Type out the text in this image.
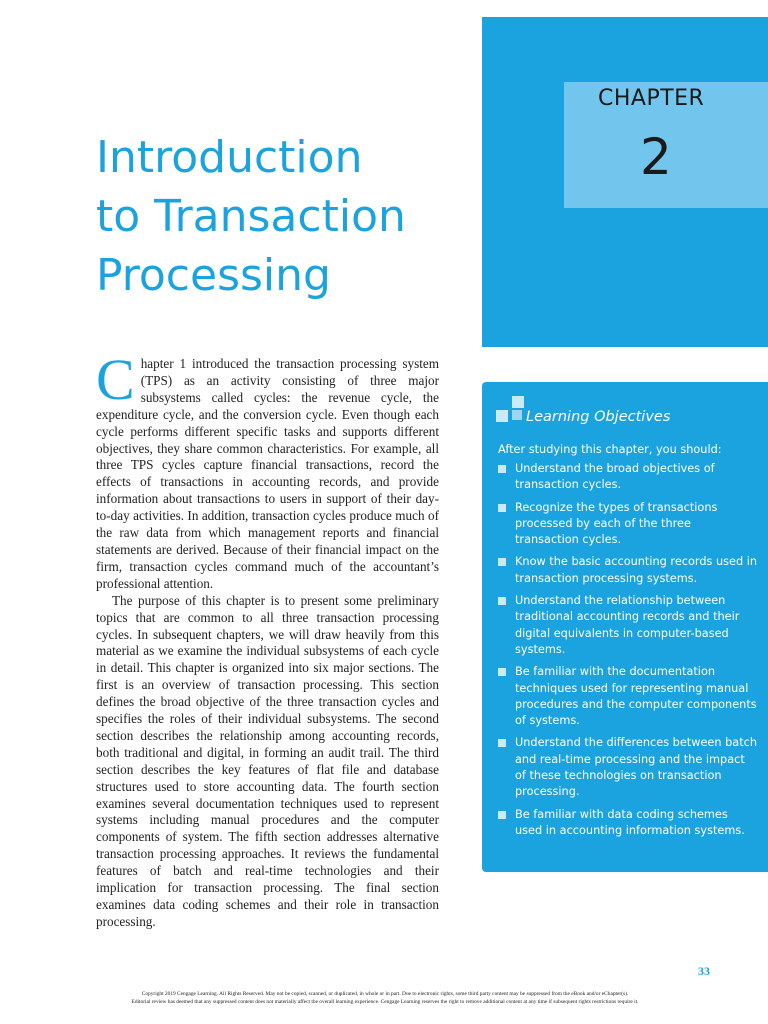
CHAPTER
2
Introduction
to Transaction
Processing

Chapter 1 introduced the transaction processing system (TPS) as an activity consisting of three major subsystems called cycles: the revenue cycle, the expenditure cycle, and the conversion cycle. Even though each cycle performs different specific tasks and supports different objectives, they share common characteristics. For example, all three TPS cycles capture financial transactions, record the effects of transactions in accounting records, and provide information about transactions to users in support of their day-to-day activities. In addition, transaction cycles produce much of the raw data from which management reports and financial statements are derived. Because of their financial impact on the firm, transaction cycles command much of the accountant’s professional attention.

The purpose of this chapter is to present some preliminary topics that are common to all three transaction processing cycles. In subsequent chapters, we will draw heavily from this material as we examine the individual subsystems of each cycle in detail. This chapter is organized into six major sections. The first is an overview of transaction processing. This section defines the broad objective of the three transaction cycles and specifies the roles of their individual subsystems. The second section describes the relationship among accounting records, both traditional and digital, in forming an audit trail. The third section describes the key features of flat file and database structures used to store accounting data. The fourth section examines several documentation techniques used to represent systems including manual procedures and the computer components of system. The fifth section addresses alternative transaction processing approaches. It reviews the fundamental features of batch and real-time technologies and their implication for transaction processing. The final section examines data coding schemes and their role in transaction processing.

Learning Objectives
After studying this chapter, you should:
Understand the broad objectives of transaction cycles.
Recognize the types of transactions processed by each of the three transaction cycles.
Know the basic accounting records used in transaction processing systems.
Understand the relationship between traditional accounting records and their digital equivalents in computer-based systems.
Be familiar with the documentation techniques used for representing manual procedures and the computer components of systems.
Understand the differences between batch and real-time processing and the impact of these technologies on transaction processing.
Be familiar with data coding schemes used in accounting information systems.
33
Copyright 2019 Cengage Learning. All Rights Reserved. May not be copied, scanned, or duplicated, in whole or in part. Due to electronic rights, some third party content may be suppressed from the eBook and/or eChapter(s).
Editorial review has deemed that any suppressed content does not materially affect the overall learning experience. Cengage Learning reserves the right to remove additional content at any time if subsequent rights restrictions require it.
